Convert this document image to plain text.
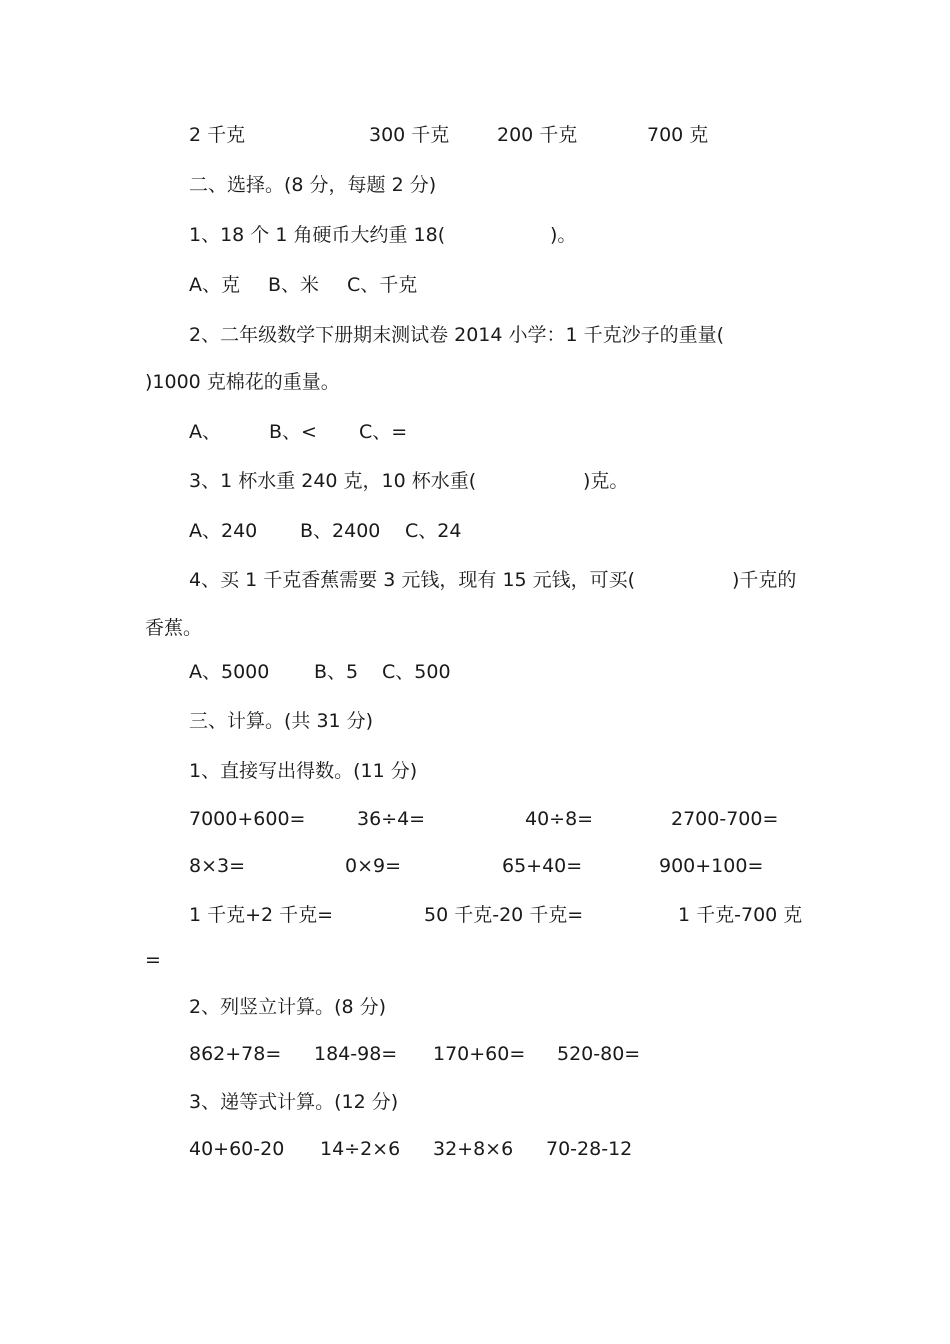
2 千克	300 千克	200 千克	700 克
二、选择。(8 分，每题 2 分)
1、18 个 1 角硬币大约重 18(	)。
A、克 B、米 C、千克
2、二年级数学下册期末测试卷 2014 小学：1 千克沙子的重量(
)1000 克棉花的重量。
A、	B、< C、=
3、1 杯水重 240 克，10 杯水重(	)克。
A、240 B、2400 C、24
4、买 1 千克香蕉需要 3 元钱，现有 15 元钱，可买(	)千克的
香蕉。
A、5000 B、5 C、500
三、计算。(共 31 分)
1、直接写出得数。(11 分)
7000+600=	36÷4=	40÷8=	2700-700=
8×3=	0×9=	65+40=	900+100=
1 千克+2 千克=	50 千克-20 千克=	1 千克-700 克
=
2、列竖立计算。(8 分)
862+78= 184-98= 170+60= 520-80=
3、递等式计算。(12 分)
40+60-20 14÷2×6 32+8×6 70-28-12
